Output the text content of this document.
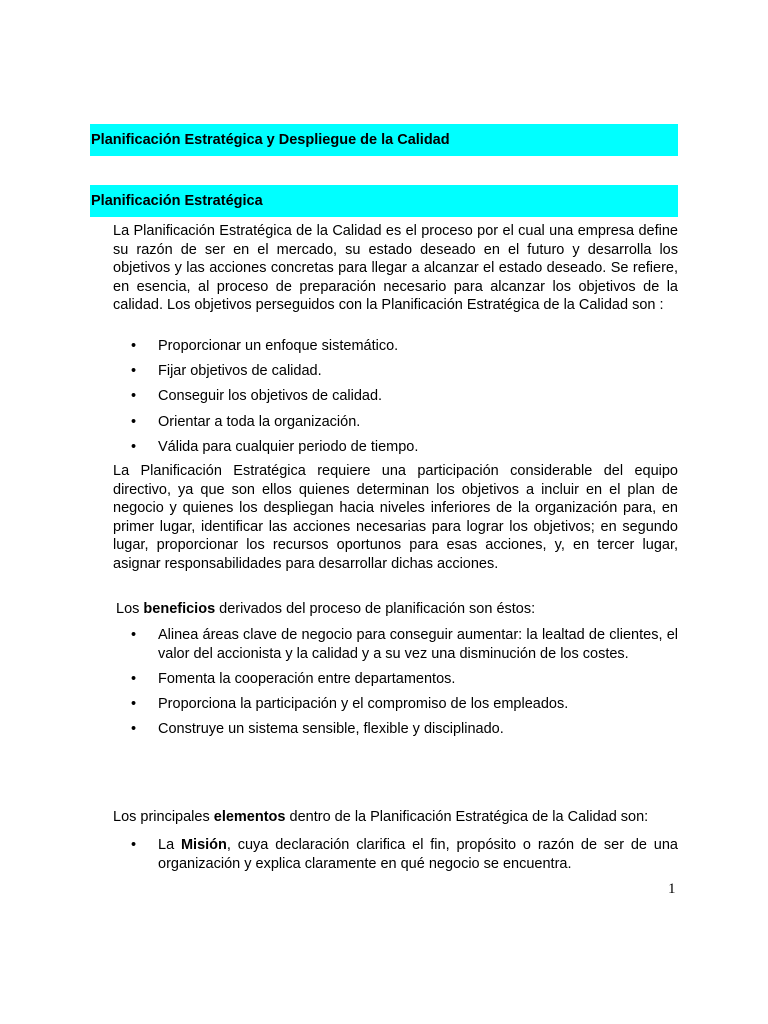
Planificación Estratégica y Despliegue de la Calidad
Planificación Estratégica

La Planificación Estratégica de la Calidad es el proceso por el cual una empresa define su razón de ser en el mercado, su estado deseado en el futuro y desarrolla los objetivos y las acciones concretas para llegar a alcanzar el estado deseado. Se refiere, en esencia, al proceso de preparación necesario para alcanzar los objetivos de la calidad. Los objetivos perseguidos con la Planificación Estratégica de la Calidad son :

• Proporcionar un enfoque sistemático.
• Fijar objetivos de calidad.
• Conseguir los objetivos de calidad.
• Orientar a toda la organización.
• Válida para cualquier periodo de tiempo.

La Planificación Estratégica requiere una participación considerable del equipo directivo, ya que son ellos quienes determinan los objetivos a incluir en el plan de negocio y quienes los despliegan hacia niveles inferiores de la organización para, en primer lugar, identificar las acciones necesarias para lograr los objetivos; en segundo lugar, proporcionar los recursos oportunos para esas acciones, y, en tercer lugar, asignar responsabilidades para desarrollar dichas acciones.

Los beneficios derivados del proceso de planificación son éstos:

• Alinea áreas clave de negocio para conseguir aumentar: la lealtad de clientes, el valor del accionista y la calidad y a su vez una disminución de los costes.
• Fomenta la cooperación entre departamentos.
• Proporciona la participación y el compromiso de los empleados.
• Construye un sistema sensible, flexible y disciplinado.

Los principales elementos dentro de la Planificación Estratégica de la Calidad son:

• La Misión, cuya declaración clarifica el fin, propósito o razón de ser de una organización y explica claramente en qué negocio se encuentra.
1
